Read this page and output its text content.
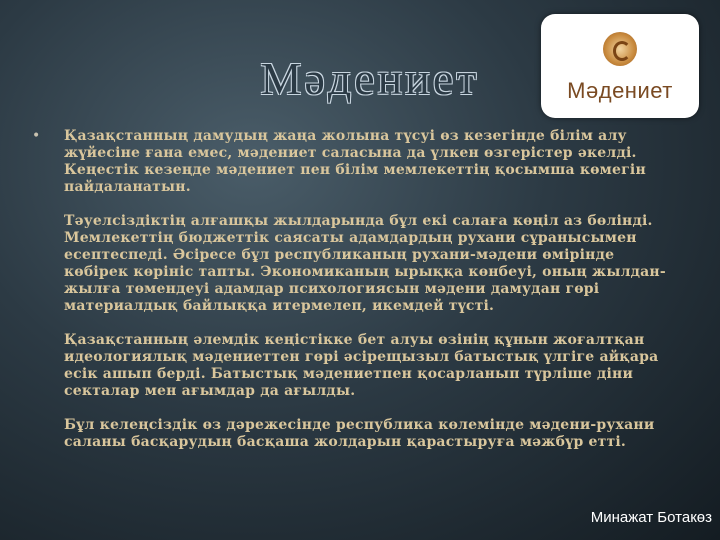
Мәдениет	Мәдениет
• Қазақстанның дамудың жаңа жолына түсуі өз кезегінде білім алу жүйесіне ғана емес, мәдениет саласына да үлкен өзгерістер әкелді. Кеңестік кезеңде мәдениет пен білім мемлекеттің қосымша көмегін пайдаланатын.
Тәуелсіздіктің алғашқы жылдарында бұл екі салаға көңіл аз бөлінді. Мемлекеттің бюджеттік саясаты адамдардың рухани сұранысымен есептеспеді. Әсіресе бұл республиканың рухани-мәдени өмірінде көбірек көрініс тапты. Экономиканың ырыққа көнбеуі, оның жылдан-жылға төмендеуі адамдар психологиясын мәдени дамудан гөрі материалдық байлыққа итермелеп, икемдей түсті.
Қазақстанның әлемдік кеңістікке бет алуы өзінің құнын жоғалтқан идеологиялық мәдениеттен гөрі әсірещызыл батыстық үлгіге айқара есік ашып берді. Батыстық мәдениетпен қосарланып түрліше діни секталар мен ағымдар да ағылды.
Бұл келеңсіздік өз дәрежесінде республика көлемінде мәдени-рухани саланы басқарудың басқаша жолдарын қарастыруға мәжбүр етті.
Минажат Ботакөз
